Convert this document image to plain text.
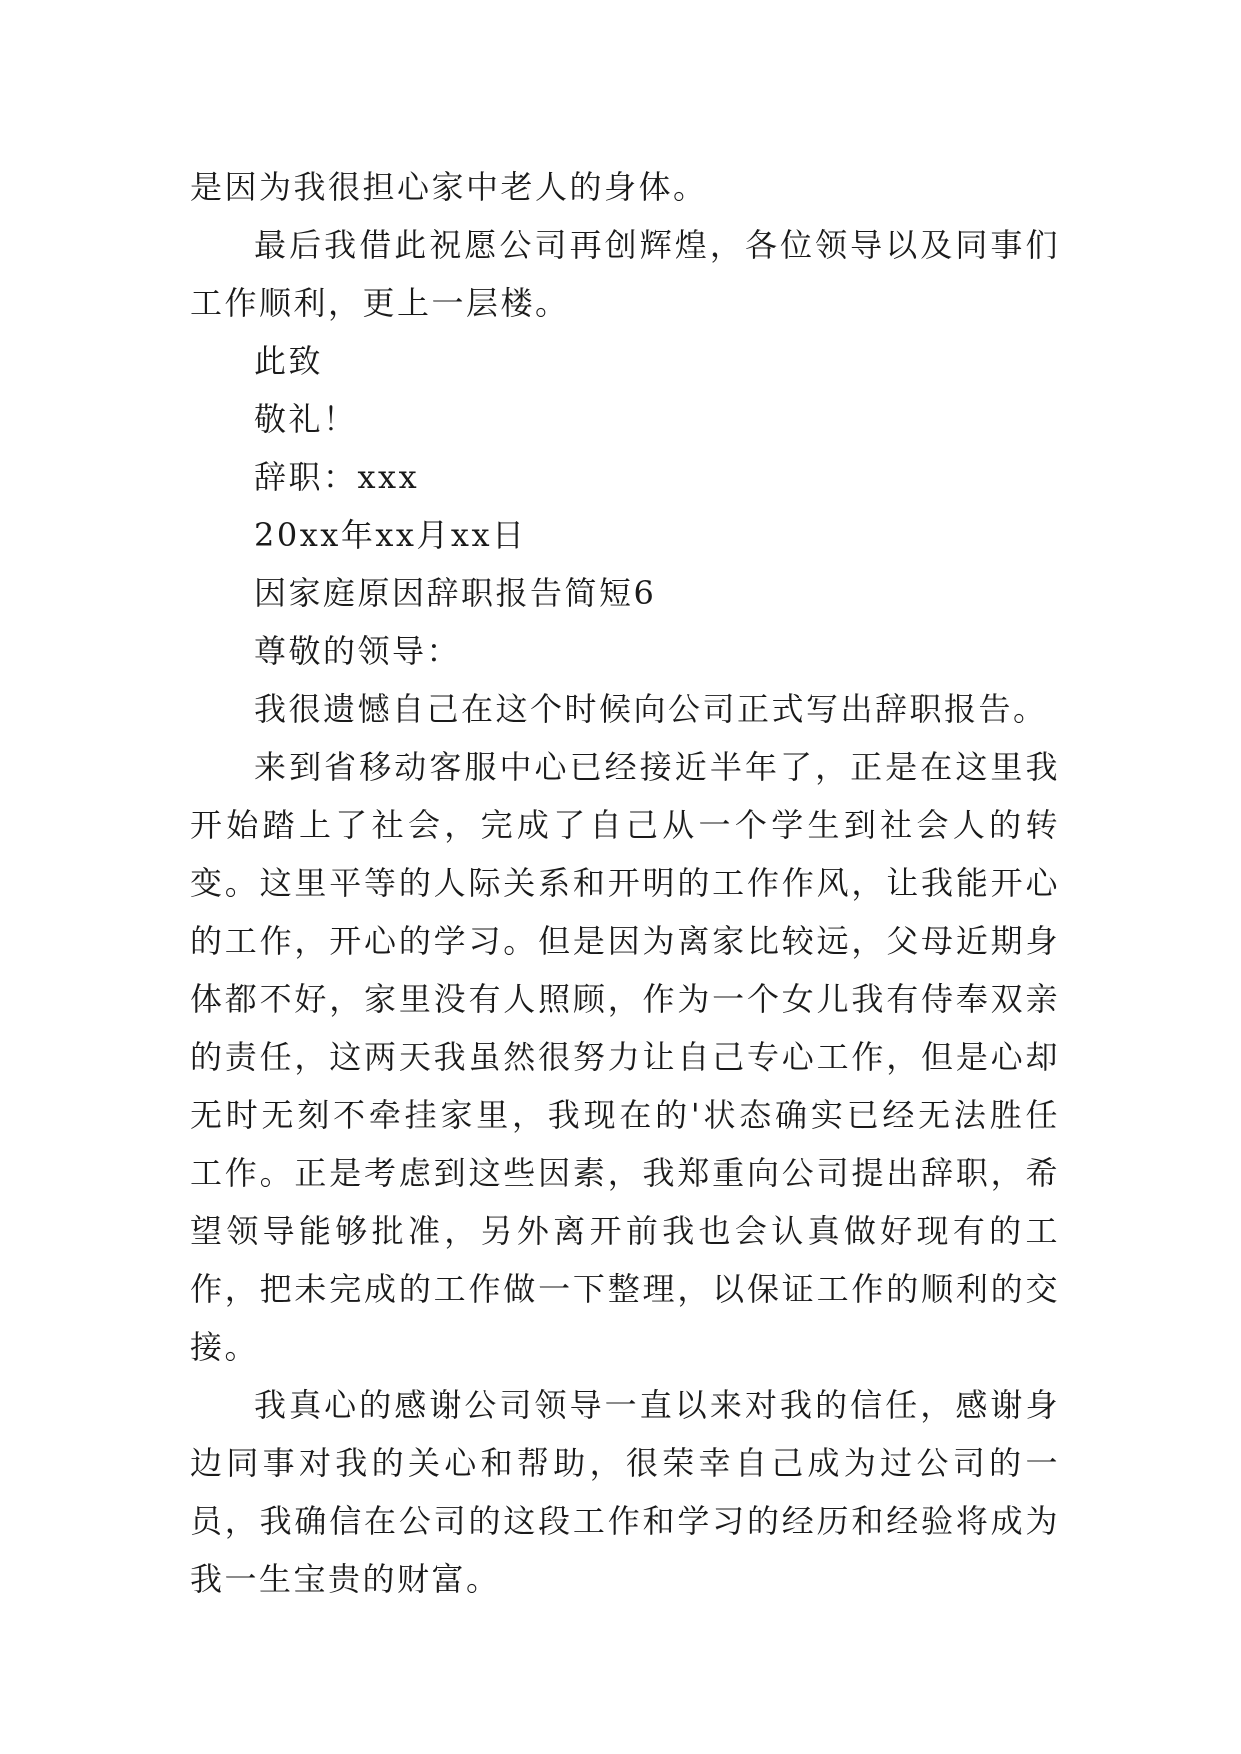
是因为我很担心家中老人的身体。

最后我借此祝愿公司再创辉煌，各位领导以及同事们工作顺利，更上一层楼。

此致

敬礼！

辞职：xxx

20xx年xx月xx日

因家庭原因辞职报告简短6

尊敬的领导：

我很遗憾自己在这个时候向公司正式写出辞职报告。

来到省移动客服中心已经接近半年了，正是在这里我开始踏上了社会，完成了自己从一个学生到社会人的转变。这里平等的人际关系和开明的工作作风，让我能开心的工作，开心的学习。但是因为离家比较远，父母近期身体都不好，家里没有人照顾，作为一个女儿我有侍奉双亲的责任，这两天我虽然很努力让自己专心工作，但是心却无时无刻不牵挂家里，我现在的'状态确实已经无法胜任工作。正是考虑到这些因素，我郑重向公司提出辞职，希望领导能够批准，另外离开前我也会认真做好现有的工作，把未完成的工作做一下整理，以保证工作的顺利的交接。

我真心的感谢公司领导一直以来对我的信任，感谢身边同事对我的关心和帮助，很荣幸自己成为过公司的一员，我确信在公司的这段工作和学习的经历和经验将成为我一生宝贵的财富。
